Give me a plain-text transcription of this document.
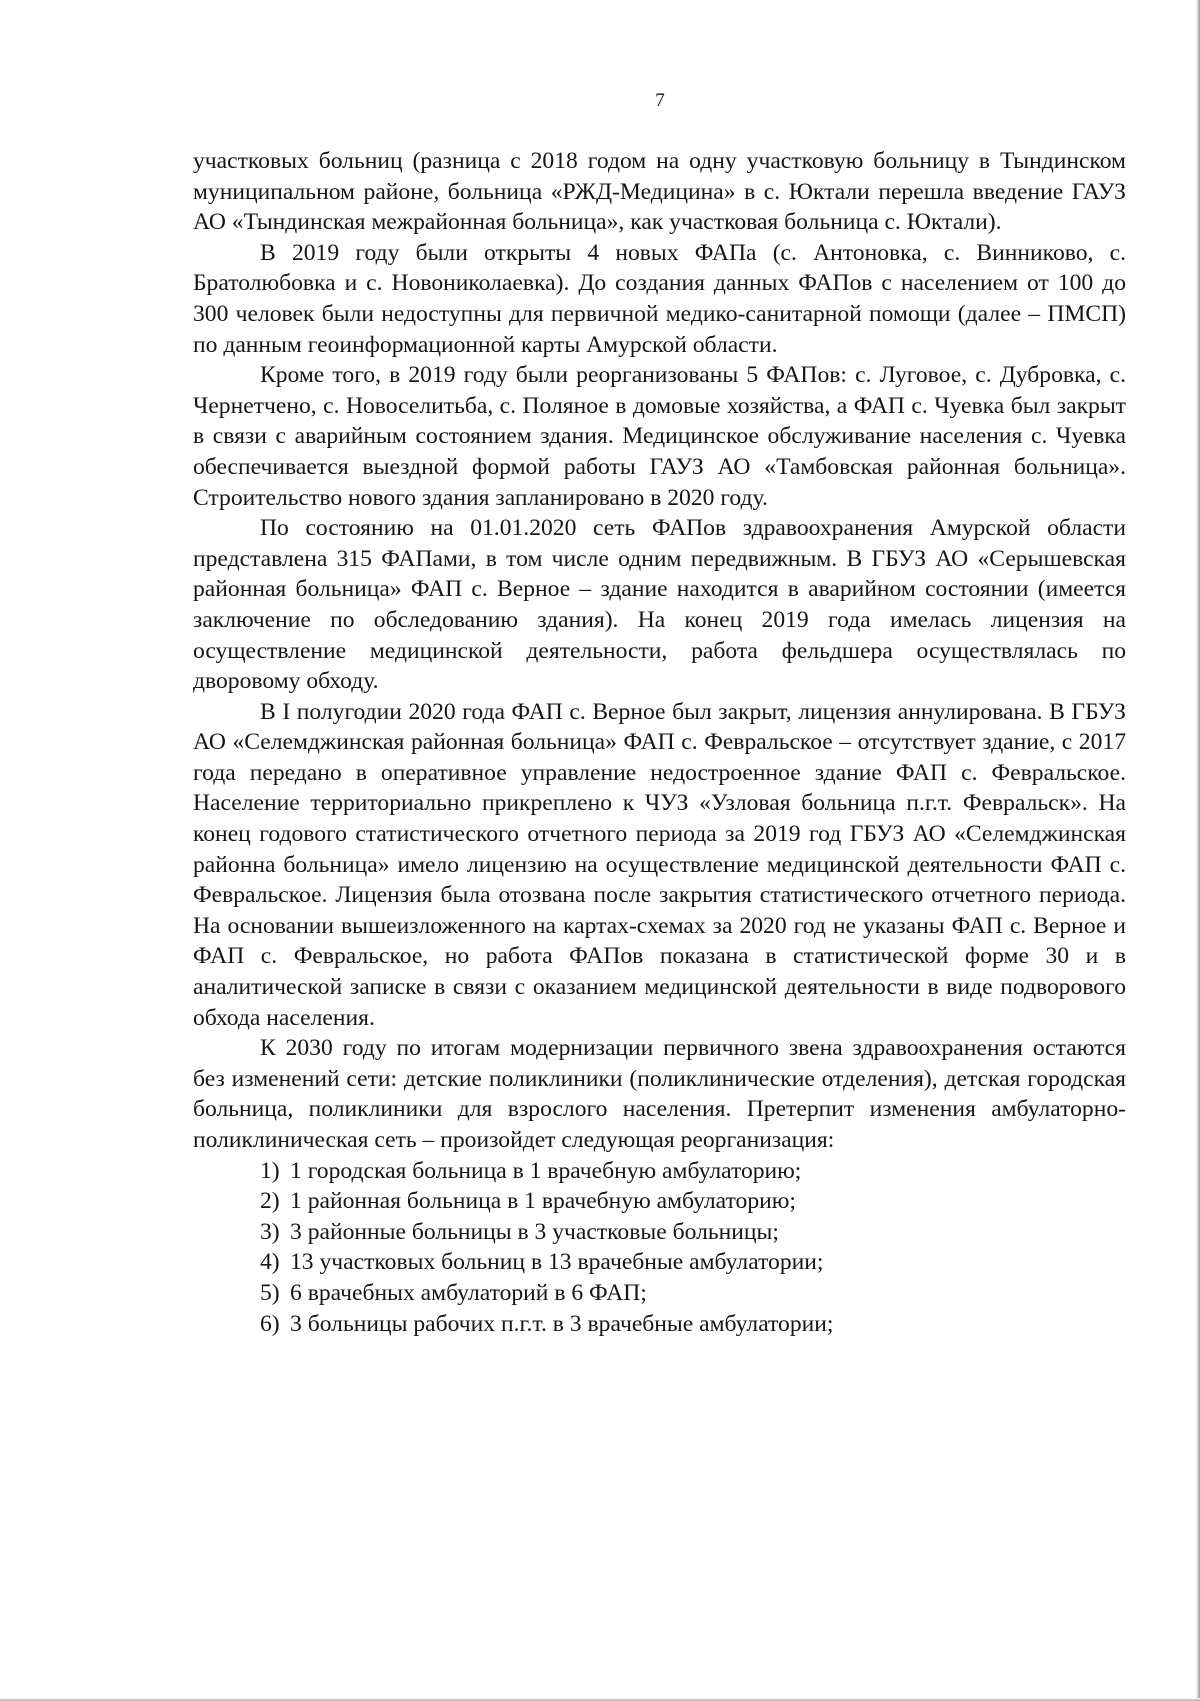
7

участковых больниц (разница с 2018 годом на одну участковую больницу в Тындинском муниципальном районе, больница «РЖД-Медицина» в с. Юктали перешла введение ГАУЗ АО «Тындинская межрайонная больница», как участковая больница с. Юктали).

В 2019 году были открыты 4 новых ФАПа (с. Антоновка, с. Винниково, с. Братолюбовка и с. Новониколаевка). До создания данных ФАПов с населением от 100 до 300 человек были недоступны для первичной медико-санитарной помощи (далее – ПМСП) по данным геоинформационной карты Амурской области.

Кроме того, в 2019 году были реорганизованы 5 ФАПов: с. Луговое, с. Дубровка, с. Чернетчено, с. Новоселитьба, с. Поляное в домовые хозяйства, а ФАП с. Чуевка был закрыт в связи с аварийным состоянием здания. Медицинское обслуживание населения с. Чуевка обеспечивается выездной формой работы ГАУЗ АО «Тамбовская районная больница». Строительство нового здания запланировано в 2020 году.

По состоянию на 01.01.2020 сеть ФАПов здравоохранения Амурской области представлена 315 ФАПами, в том числе одним передвижным. В ГБУЗ АО «Серышевская районная больница» ФАП с. Верное – здание находится в аварийном состоянии (имеется заключение по обследованию здания). На конец 2019 года имелась лицензия на осуществление медицинской деятельности, работа фельдшера осуществлялась по дворовому обходу.

В I полугодии 2020 года ФАП с. Верное был закрыт, лицензия аннулирована. В ГБУЗ АО «Селемджинская районная больница» ФАП с. Февральское – отсутствует здание, с 2017 года передано в оперативное управление недостроенное здание ФАП с. Февральское. Население территориально прикреплено к ЧУЗ «Узловая больница п.г.т. Февральск». На конец годового статистического отчетного периода за 2019 год ГБУЗ АО «Селемджинская районна больница» имело лицензию на осуществление медицинской деятельности ФАП с. Февральское. Лицензия была отозвана после закрытия статистического отчетного периода. На основании вышеизложенного на картах-схемах за 2020 год не указаны ФАП с. Верное и ФАП с. Февральское, но работа ФАПов показана в статистической форме 30 и в аналитической записке в связи с оказанием медицинской деятельности в виде подворового обхода населения.

К 2030 году по итогам модернизации первичного звена здравоохранения остаются без изменений сети: детские поликлиники (поликлинические отделения), детская городская больница, поликлиники для взрослого населения. Претерпит изменения амбулаторно-поликлиническая сеть – произойдет следующая реорганизация:

1) 1 городская больница в 1 врачебную амбулаторию;
2) 1 районная больница в 1 врачебную амбулаторию;
3) 3 районные больницы в 3 участковые больницы;
4) 13 участковых больниц в 13 врачебные амбулатории;
5) 6 врачебных амбулаторий в 6 ФАП;
6) 3 больницы рабочих п.г.т. в 3 врачебные амбулатории;
